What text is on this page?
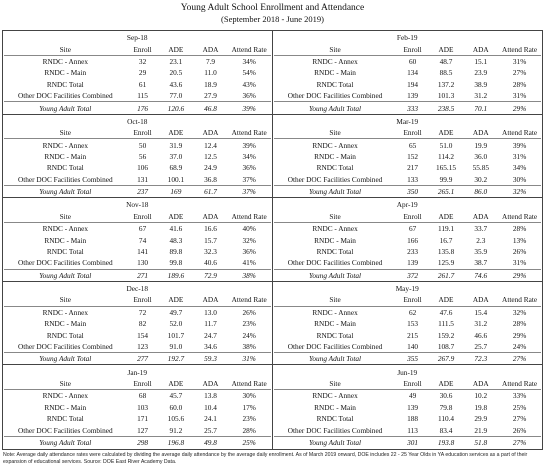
Young Adult School Enrollment and Attendance
(September 2018 - June 2019)
Sep-18				
Site	Enroll	ADE	ADA	Attend Rate
RNDC - Annex	32	23.1	7.9	34%
RNDC - Main	29	20.5	11.0	54%
RNDC Total	61	43.6	18.9	43%
Other DOC Facilities Combined	115	77.0	27.9	36%
Young Adult Total	176	120.6	46.8	39%
Feb-19				
Site	Enroll	ADE	ADA	Attend Rate
RNDC - Annex	60	48.7	15.1	31%
RNDC - Main	134	88.5	23.9	27%
RNDC Total	194	137.2	38.9	28%
Other DOC Facilities Combined	139	101.3	31.2	31%
Young Adult Total	333	238.5	70.1	29%
Oct-18				
Site	Enroll	ADE	ADA	Attend Rate
RNDC - Annex	50	31.9	12.4	39%
RNDC - Main	56	37.0	12.5	34%
RNDC Total	106	68.9	24.9	36%
Other DOC Facilities Combined	131	100.1	36.8	37%
Young Adult Total	237	169	61.7	37%
Mar-19				
Site	Enroll	ADE	ADA	Attend Rate
RNDC - Annex	65	51.0	19.9	39%
RNDC - Main	152	114.2	36.0	31%
RNDC Total	217	165.15	55.85	34%
Other DOC Facilities Combined	133	99.9	30.2	30%
Young Adult Total	350	265.1	86.0	32%
Nov-18				
Site	Enroll	ADE	ADA	Attend Rate
RNDC - Annex	67	41.6	16.6	40%
RNDC - Main	74	48.3	15.7	32%
RNDC Total	141	89.8	32.3	36%
Other DOC Facilities Combined	130	99.8	40.6	41%
Young Adult Total	271	189.6	72.9	38%
Apr-19				
Site	Enroll	ADE	ADA	Attend Rate
RNDC - Annex	67	119.1	33.7	28%
RNDC - Main	166	16.7	2.3	13%
RNDC Total	233	135.8	35.9	26%
Other DOC Facilities Combined	139	125.9	38.7	31%
Young Adult Total	372	261.7	74.6	29%
Dec-18				
Site	Enroll	ADE	ADA	Attend Rate
RNDC - Annex	72	49.7	13.0	26%
RNDC - Main	82	52.0	11.7	23%
RNDC Total	154	101.7	24.7	24%
Other DOC Facilities Combined	123	91.0	34.6	38%
Young Adult Total	277	192.7	59.3	31%
May-19				
Site	Enroll	ADE	ADA	Attend Rate
RNDC - Annex	62	47.6	15.4	32%
RNDC - Main	153	111.5	31.2	28%
RNDC Total	215	159.2	46.6	29%
Other DOC Facilities Combined	140	108.7	25.7	24%
Young Adult Total	355	267.9	72.3	27%
Jan-19				
Site	Enroll	ADE	ADA	Attend Rate
RNDC - Annex	68	45.7	13.8	30%
RNDC - Main	103	60.0	10.4	17%
RNDC Total	171	105.6	24.1	23%
Other DOC Facilities Combined	127	91.2	25.7	28%
Young Adult Total	298	196.8	49.8	25%
Jun-19				
Site	Enroll	ADE	ADA	Attend Rate
RNDC - Annex	49	30.6	10.2	33%
RNDC - Main	139	79.8	19.8	25%
RNDC Total	188	110.4	29.9	27%
Other DOC Facilities Combined	113	83.4	21.9	26%
Young Adult Total	301	193.8	51.8	27%
Note: Average daily attendance rates were calculated by dividing the average daily attendance by the average daily enrollment. As of March 2019 onward, DOE includes 22 - 25 Year Olds in YA education services as a part of their expansion of educational services. Source: DOE East River Academy Data.
